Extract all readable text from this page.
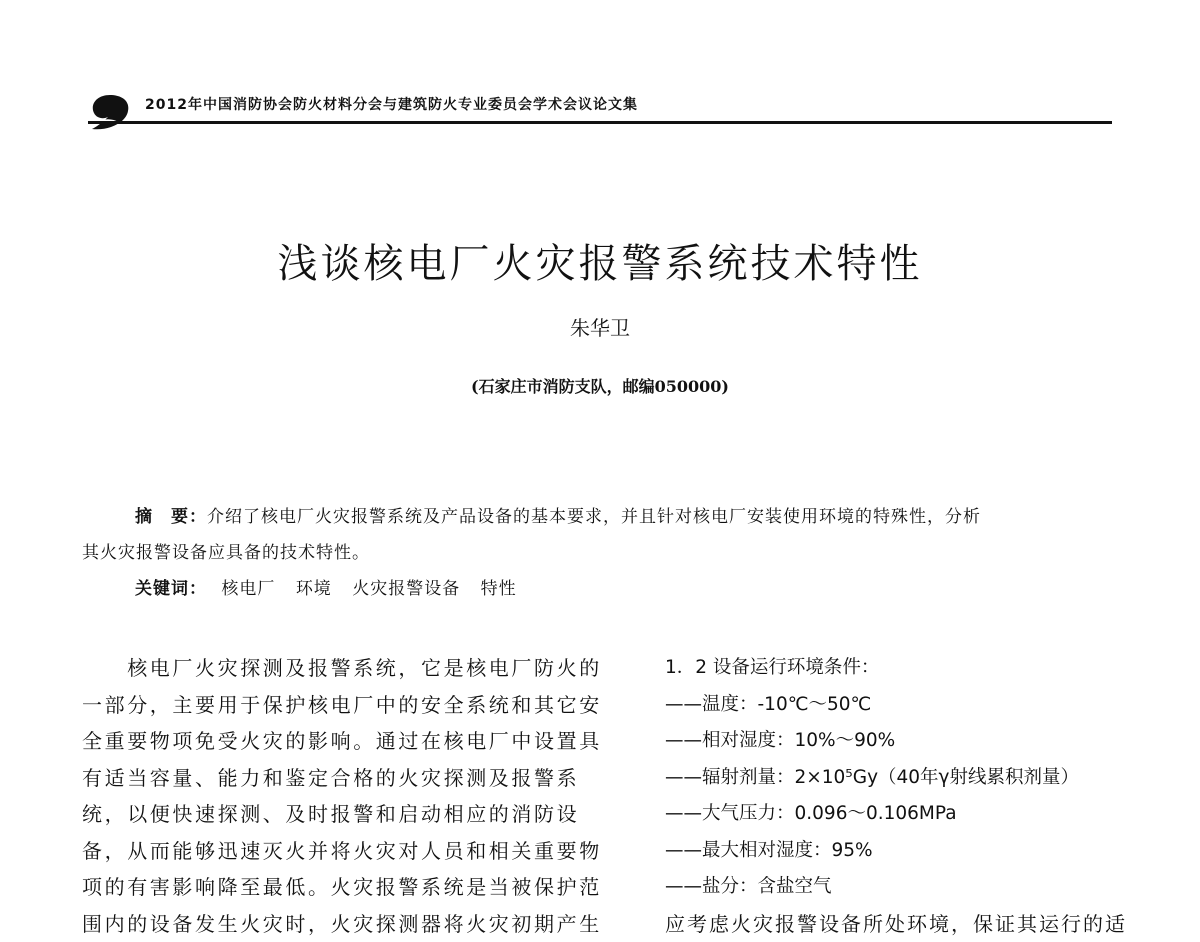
2012年中国消防协会防火材料分会与建筑防火专业委员会学术会议论文集
浅谈核电厂火灾报警系统技术特性
朱华卫
(石家庄市消防支队，邮编050000)
摘　要：介绍了核电厂火灾报警系统及产品设备的基本要求，并且针对核电厂安装使用环境的特殊性，分析
其火灾报警设备应具备的技术特性。
关键词： 核电厂 环境 火灾报警设备 特性
　　核电厂火灾探测及报警系统，它是核电厂防火的
一部分，主要用于保护核电厂中的安全系统和其它安
全重要物项免受火灾的影响。通过在核电厂中设置具
有适当容量、能力和鉴定合格的火灾探测及报警系
统，以便快速探测、及时报警和启动相应的消防设
备，从而能够迅速灭火并将火灾对人员和相关重要物
项的有害影响降至最低。火灾报警系统是当被保护范
围内的设备发生火灾时，火灾探测器将火灾初期产生
1．2 设备运行环境条件：
——温度：-10℃～50℃
——相对湿度：10%～90%
——辐射剂量：2×10⁵Gy（40年γ射线累积剂量）
——大气压力：0.096～0.106MPa
——最大相对湿度：95%
——盐分：含盐空气
应考虑火灾报警设备所处环境，保证其运行的适
